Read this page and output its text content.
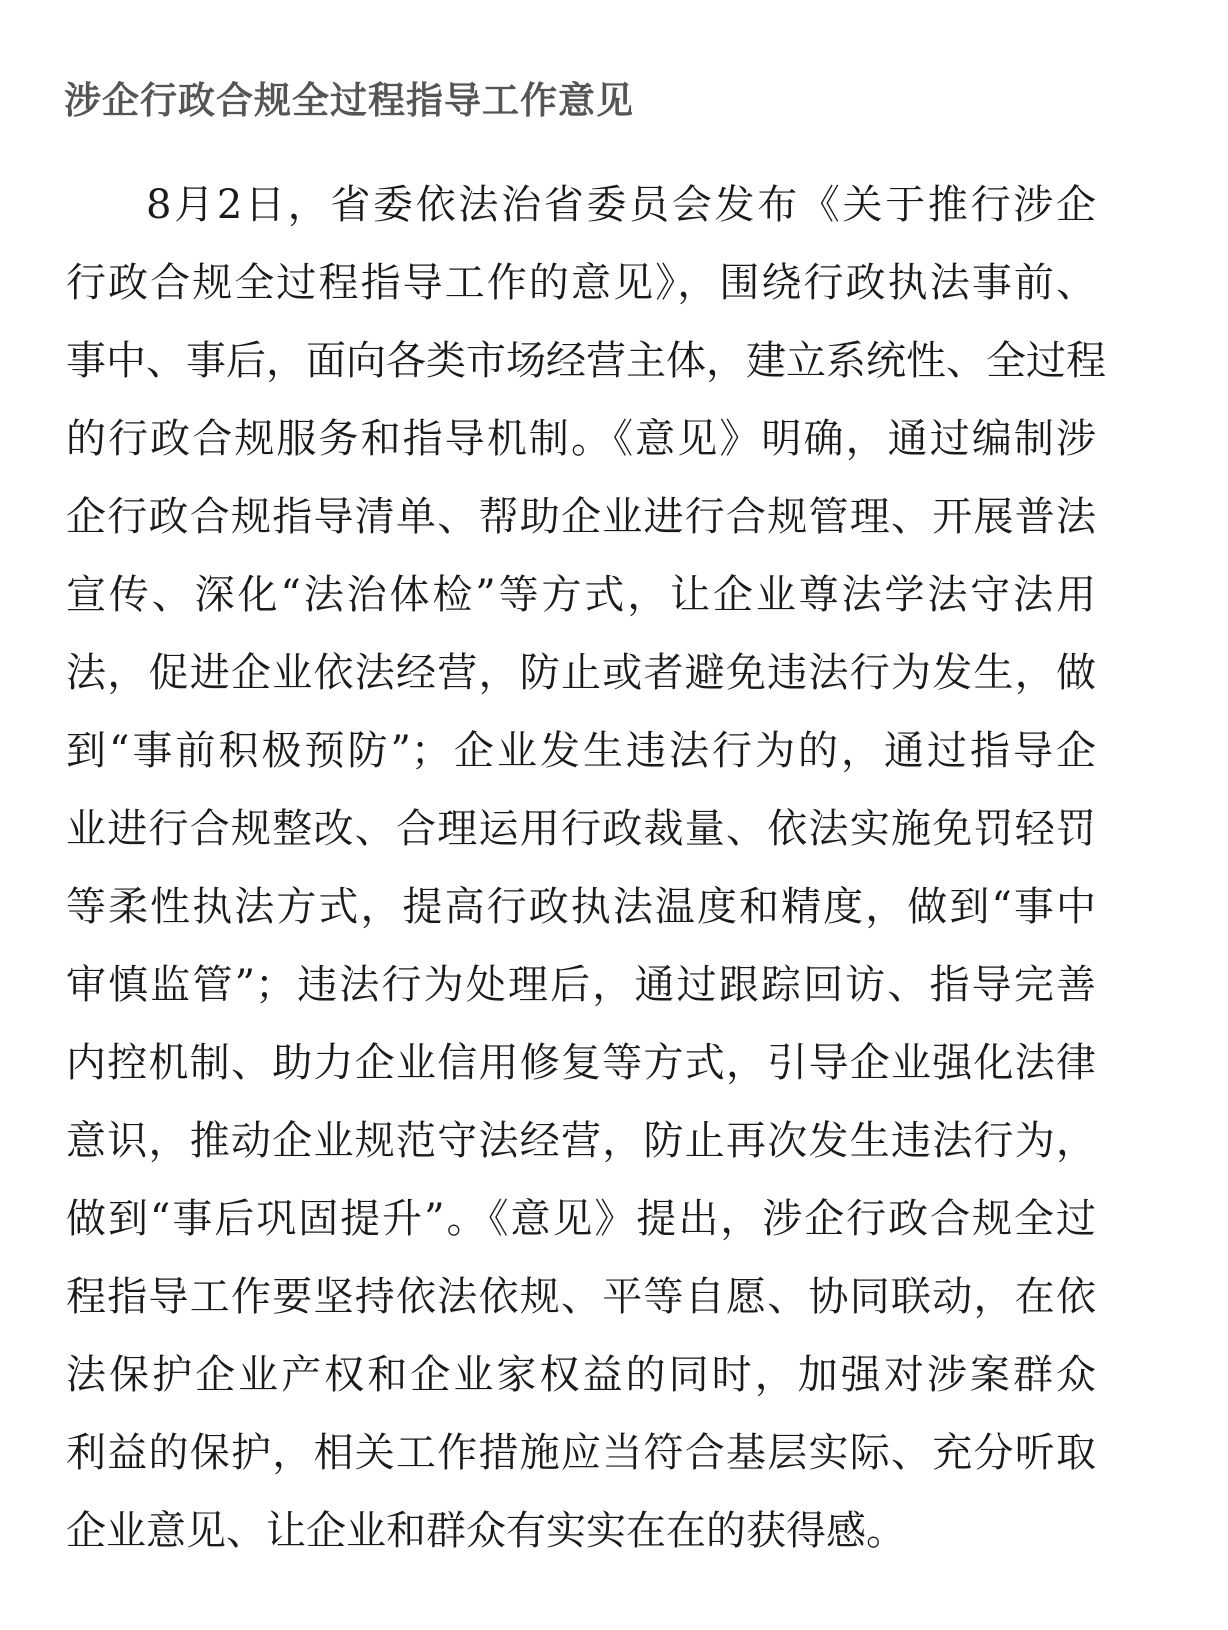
涉企行政合规全过程指导工作意见
8月2日，省委依法治省委员会发布《关于推行涉企
行政合规全过程指导工作的意见》，围绕行政执法事前、
事中、事后，面向各类市场经营主体，建立系统性、全过程
的行政合规服务和指导机制。《意见》明确，通过编制涉
企行政合规指导清单、帮助企业进行合规管理、开展普法
宣传、深化“法治体检”等方式，让企业尊法学法守法用
法，促进企业依法经营，防止或者避免违法行为发生，做
到“事前积极预防”；企业发生违法行为的，通过指导企
业进行合规整改、合理运用行政裁量、依法实施免罚轻罚
等柔性执法方式，提高行政执法温度和精度，做到“事中
审慎监管”；违法行为处理后，通过跟踪回访、指导完善
内控机制、助力企业信用修复等方式，引导企业强化法律
意识，推动企业规范守法经营，防止再次发生违法行为，
做到“事后巩固提升”。《意见》提出，涉企行政合规全过
程指导工作要坚持依法依规、平等自愿、协同联动，在依
法保护企业产权和企业家权益的同时，加强对涉案群众
利益的保护，相关工作措施应当符合基层实际、充分听取
企业意见、让企业和群众有实实在在的获得感。
